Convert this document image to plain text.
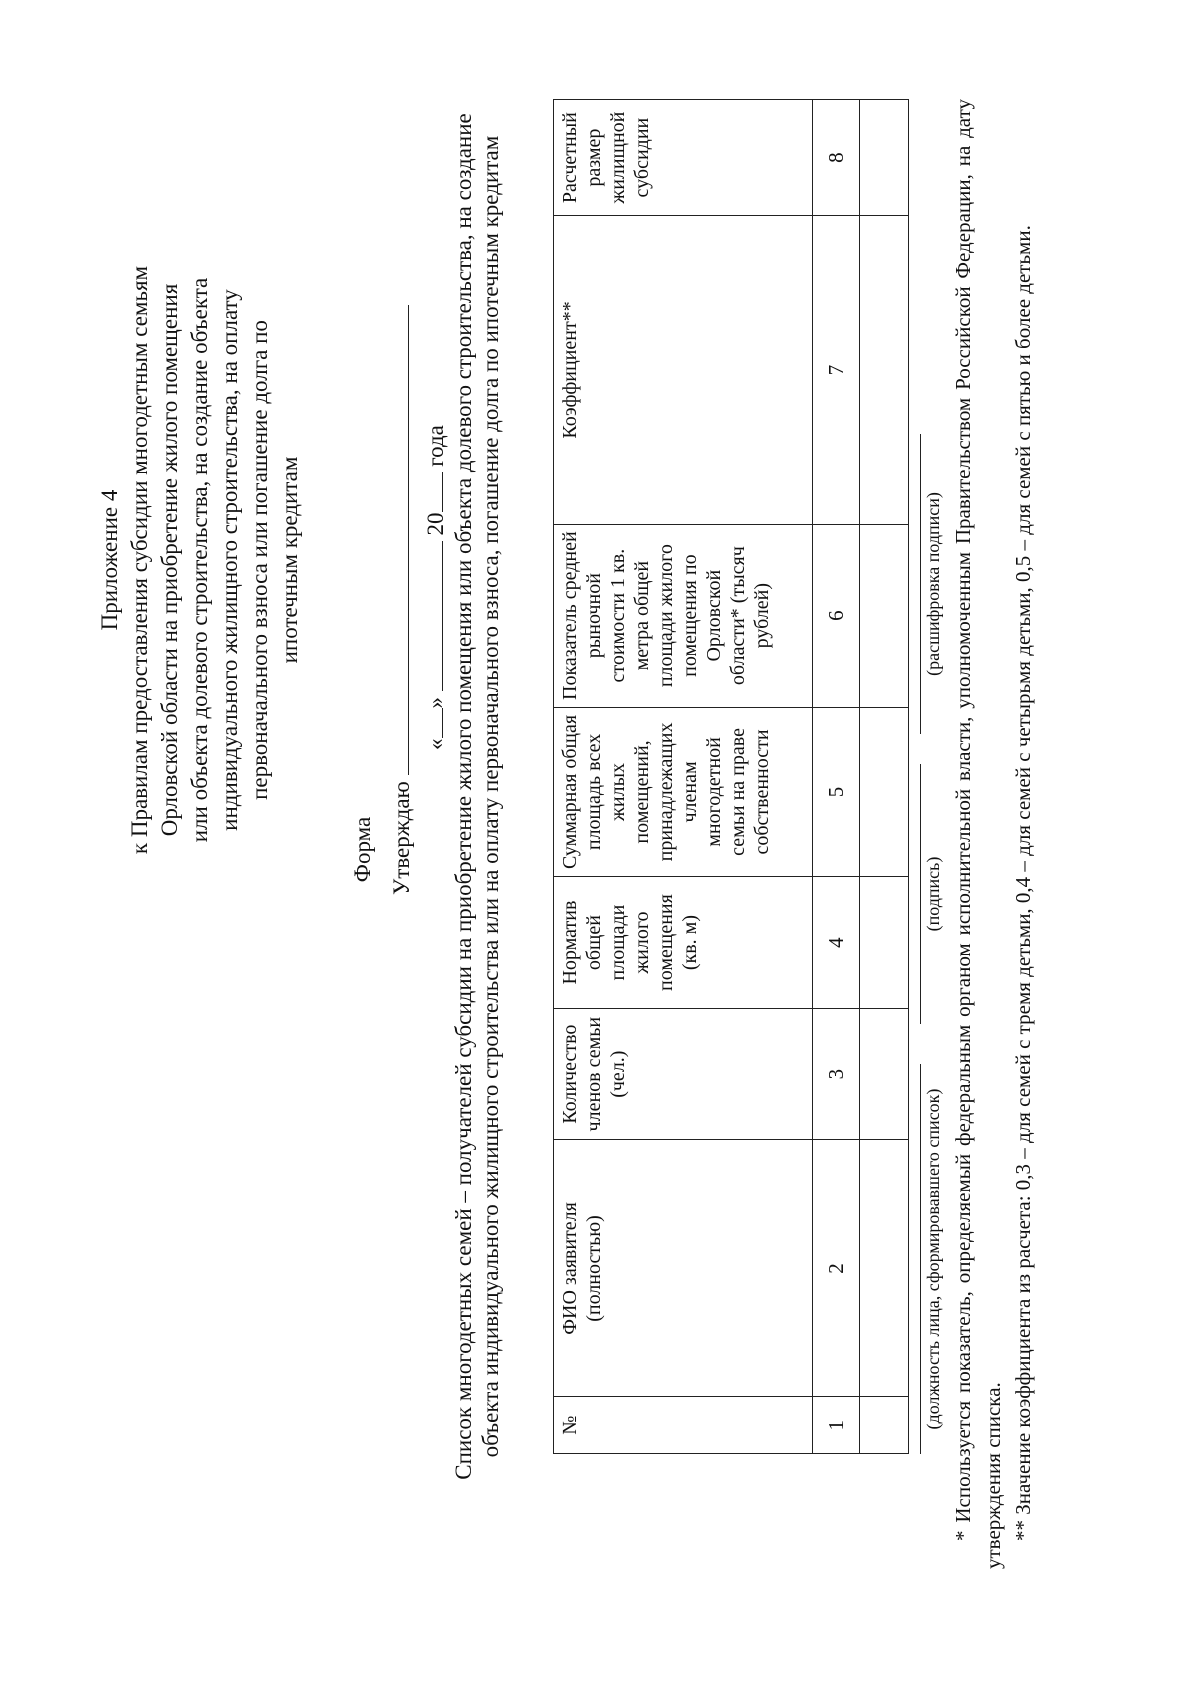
Приложение 4 к Правилам предоставления субсидии многодетным семьям Орловской области на приобретение жилого помещения или объекта долевого строительства, на создание объекта индивидуального жилищного строительства, на оплату первоначального взноса или погашение долга по ипотечным кредитам
Форма Утверждаю
«»  20 года Список многодетных семей – получателей субсидии на приобретение жилого помещения или объекта долевого строительства, на создание объекта индивидуального жилищного строительства или на оплату первоначального взноса, погашение долга по ипотечным кредитам	№	ФИО заявителя (полностью)	Количество членов семьи (чел.)	Норматив общей площади жилого помещения (кв. м)	Суммарная общая площадь всех жилых помещений, принадлежащих членам многодетной семьи на праве собственности	Показатель средней рыночной стоимости 1 кв. метра общей площади жилого помещения по Орловской области* (тысяч рублей)	Коэффициент**	Расчетный размер жилищной субсидии
1	2	3	4	5	6	7	8

(должность лица, сформировавшего список)
(подпись)
(расшифровка подписи) * Используется показатель, определяемый федеральным органом исполнительной власти, уполномоченным Правительством Российской Федерации, на дату утверждения списка. ** Значение коэффициента из расчета: 0,3 – для семей с тремя детьми, 0,4 – для семей с четырьмя детьми, 0,5 – для семей с пятью и более детьми.
